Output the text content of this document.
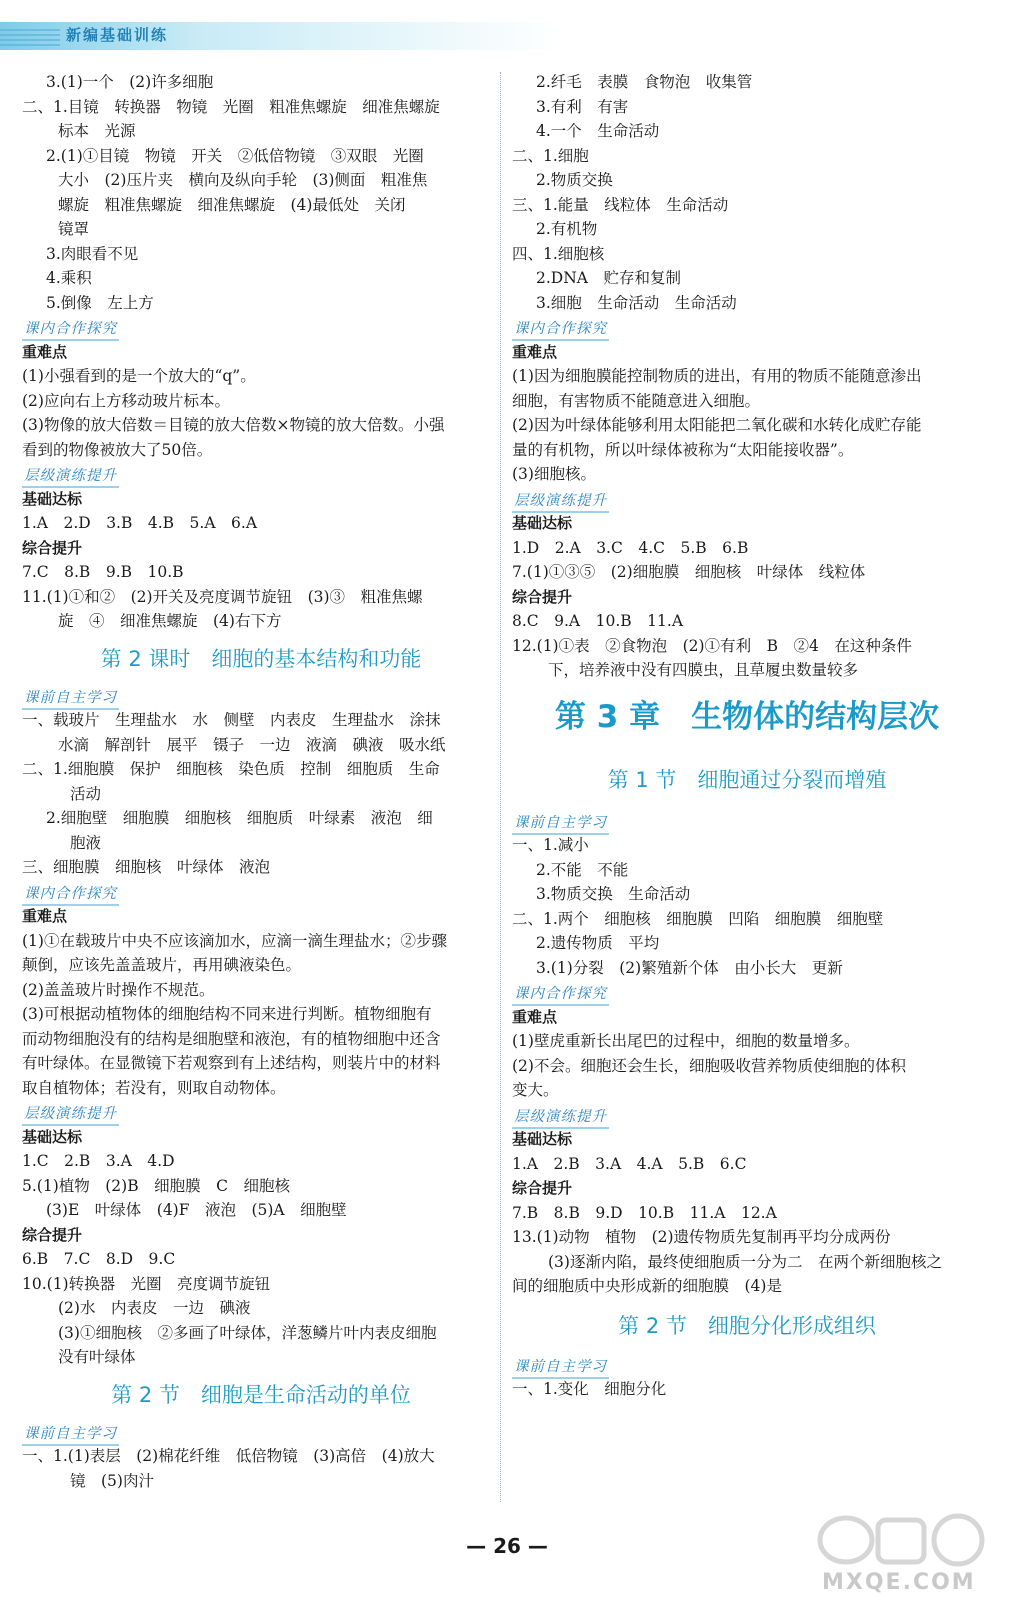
新编基础训练
3.(1)一个　(2)许多细胞
二、1.目镜　转换器　物镜　光圈　粗准焦螺旋　细准焦螺旋
标本　光源
2.(1)①目镜　物镜　开关　②低倍物镜　③双眼　光圈
大小　(2)压片夹　横向及纵向手轮　(3)侧面　粗准焦
螺旋　粗准焦螺旋　细准焦螺旋　(4)最低处　关闭
镜罩
3.肉眼看不见
4.乘积
5.倒像　左上方
课内合作探究
重难点
(1)小强看到的是一个放大的“q”。
(2)应向右上方移动玻片标本。
(3)物像的放大倍数＝目镜的放大倍数×物镜的放大倍数。小强
看到的物像被放大了50倍。
层级演练提升
基础达标
1.A　2.D　3.B　4.B　5.A　6.A
综合提升
7.C　8.B　9.B　10.B
11.(1)①和②　(2)开关及亮度调节旋钮　(3)③　粗准焦螺
旋　④　细准焦螺旋　(4)右下方
第 2 课时　细胞的基本结构和功能
课前自主学习
一、载玻片　生理盐水　水　侧壁　内表皮　生理盐水　涂抹
水滴　解剖针　展平　镊子　一边　液滴　碘液　吸水纸
二、1.细胞膜　保护　细胞核　染色质　控制　细胞质　生命
活动
2.细胞壁　细胞膜　细胞核　细胞质　叶绿素　液泡　细
胞液
三、细胞膜　细胞核　叶绿体　液泡
课内合作探究
重难点
(1)①在载玻片中央不应该滴加水，应滴一滴生理盐水；②步骤
颠倒，应该先盖盖玻片，再用碘液染色。
(2)盖盖玻片时操作不规范。
(3)可根据动植物体的细胞结构不同来进行判断。植物细胞有
而动物细胞没有的结构是细胞壁和液泡，有的植物细胞中还含
有叶绿体。在显微镜下若观察到有上述结构，则装片中的材料
取自植物体；若没有，则取自动物体。
层级演练提升
基础达标
1.C　2.B　3.A　4.D
5.(1)植物　(2)B　细胞膜　C　细胞核
(3)E　叶绿体　(4)F　液泡　(5)A　细胞壁
综合提升
6.B　7.C　8.D　9.C
10.(1)转换器　光圈　亮度调节旋钮
(2)水　内表皮　一边　碘液
(3)①细胞核　②多画了叶绿体，洋葱鳞片叶内表皮细胞
没有叶绿体
第 2 节　细胞是生命活动的单位
课前自主学习
一、1.(1)表层　(2)棉花纤维　低倍物镜　(3)高倍　(4)放大
镜　(5)肉汁
2.纤毛　表膜　食物泡　收集管
3.有利　有害
4.一个　生命活动
二、1.细胞
2.物质交换
三、1.能量　线粒体　生命活动
2.有机物
四、1.细胞核
2.DNA　贮存和复制
3.细胞　生命活动　生命活动
课内合作探究
重难点
(1)因为细胞膜能控制物质的进出，有用的物质不能随意渗出
细胞，有害物质不能随意进入细胞。
(2)因为叶绿体能够利用太阳能把二氧化碳和水转化成贮存能
量的有机物，所以叶绿体被称为“太阳能接收器”。
(3)细胞核。
层级演练提升
基础达标
1.D　2.A　3.C　4.C　5.B　6.B
7.(1)①③⑤　(2)细胞膜　细胞核　叶绿体　线粒体
综合提升
8.C　9.A　10.B　11.A
12.(1)①表　②食物泡　(2)①有利　B　②4　在这种条件
下，培养液中没有四膜虫，且草履虫数量较多
第 3 章　生物体的结构层次
第 1 节　细胞通过分裂而增殖
课前自主学习
一、1.减小
2.不能　不能
3.物质交换　生命活动
二、1.两个　细胞核　细胞膜　凹陷　细胞膜　细胞壁
2.遗传物质　平均
3.(1)分裂　(2)繁殖新个体　由小长大　更新
课内合作探究
重难点
(1)壁虎重新长出尾巴的过程中，细胞的数量增多。
(2)不会。细胞还会生长，细胞吸收营养物质使细胞的体积
变大。
层级演练提升
基础达标
1.A　2.B　3.A　4.A　5.B　6.C
综合提升
7.B　8.B　9.D　10.B　11.A　12.A
13.(1)动物　植物　(2)遗传物质先复制再平均分成两份
(3)逐渐内陷，最终使细胞质一分为二　在两个新细胞核之
间的细胞质中央形成新的细胞膜　(4)是
第 2 节　细胞分化形成组织
课前自主学习
一、1.变化　细胞分化
— 26 —
MXQE.COM
